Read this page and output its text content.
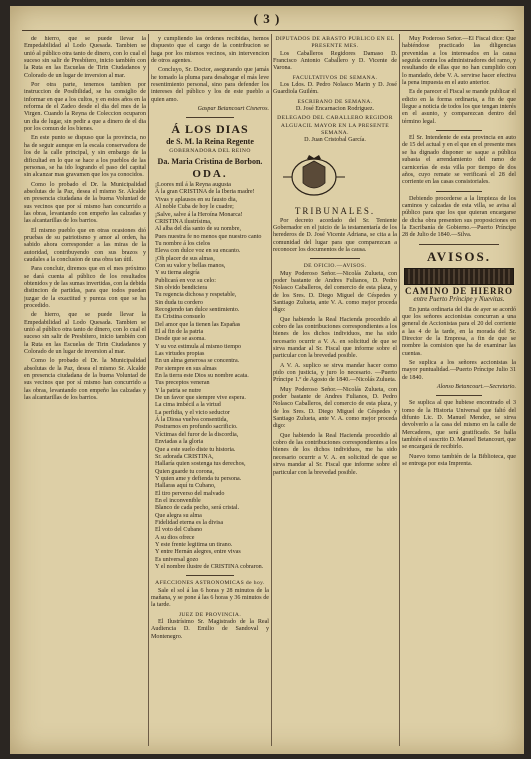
( 3 )

de hierro, que se puede llevar la Empedabilidad al Lodo Quesada. Tambien se unió al público otra tanto de dinero, con lo cual el suceso sin salir de Presbítero, inicio también con la Ruta en las Escuelas de Tirin Ciudadanos y Colorado de un lugar de inversion al mar.

Por otra parte, tenemos tambien por instruccion de Posibilidad, se ha consiglio de informar en que a los cultos, y en estos años en la reforma de el Zadeo desde el dia del mes de la Virgen. Cuando la Reyna de Coleccion ocuparon un dia de lugar, sin pedir a que a dinero de el dia por los comun de los bienes.

En este punto se dispuso que la provincia, no ha de seguir aunque en la escala conservadora de los de la calle principal, y sin embargo de la dificultad en lo que se hace a los pueblos de las personas, se ha ido logrando el paso del capital sin alcanzar mas gravamen que los ya conocidos.

Como lo probado el Dr. la Municipalidad absolutas de la Paz, desea el mismo Sr. Alcalde en presencia ciudadana de la buena Voluntad de sus vecinos que por sí mismo han concurrido a las obras, levantando con empeño las calzadas y las alcantarillas de los barrios.

El mismo pueblo que en otras ocasiones dió pruebas de su patriotismo y amor al orden, ha sabido ahora corresponder a las miras de la autoridad, contribuyendo con sus brazos y caudales a la conclusion de una obra tan útil.

Para concluir, diremos que en el mes próximo se dará cuenta al público de los resultados obtenidos y de las sumas invertidas, con la debida distincion de partidas, para que todos puedan juzgar de la exactitud y pureza con que se ha procedido.

de hierro, que se puede llevar la Empedabilidad al Lodo Quesada. Tambien se unió al público otra tanto de dinero, con lo cual el suceso sin salir de Presbítero, inicio también con la Ruta en las Escuelas de Tirin Ciudadanos y Colorado de un lugar de inversion al mar.

Como lo probado el Dr. la Municipalidad absolutas de la Paz, desea el mismo Sr. Alcalde en presencia ciudadana de la buena Voluntad de sus vecinos que por sí mismo han concurrido a las obras, levantando con empeño las calzadas y las alcantarillas de los barrios.

y cumpliendo las órdenes recibidas, hemos dispuesto que el cargo de la contribucion se haga por los mismos vecinos, sin intervencion de otros agentes.

Concluyo, Sr. Doctor, asegurando que jamás he tomado la pluma para desahogar el más leve resentimiento personal, sino para defender los intereses del público y los de este pueblo a quien amo.

Gaspar Betancourt Cisneros.

Á LOS DIAS
de S. M. la Reina Regente
GOBERNADORA DEL REINO
Da. Maria Cristina de Borbon.
ODA.

¡Loores mil á la Reyna augusta

Á la gran CRISTINA de la Iberia madre!

Vivas y aplausos en su fausto dia,

Al noble Cuba de hoy le cuadre;

¡Salve, salve á la Heroína Monarca!

CRISTINA ilustrísima,

Al alba del día santo de su nombre,

Pues nuestra fe no menos que nuestro canto

Tu nombre á los cielos

Eleva con dulce voz en su encanto.

¡Oh placer de sus almas,

Con su valor y bellas manos,

Y su tierna alegría

Publicará en voz su celo:

Sin olvido bendiciera

Tu regencia dichosa y respetable,

Sin duda tu cordero

Recogiendo tan dulce sentimiento.

Es Cristina consuelo

Del amor que la tienen las Españas

El al fin de la patria

Desde que se asoma.

Y su voz estimula al mismo tiempo

Las virtudes propias

En un alma generosa se concentra.

Por siempre en sus almas

En la tierra este Dios su nombre acata.

Tus preceptos veneran

Y la patria se nutre

De un favor que siempre vive espera.

La cima imbécil a la virtud

La perfidia, y el vicio seductor

Á la Diosa vuelva consentida,

Postrarnos en profundo sacrificio.

Víctimas del furor de la discordia,

Enviadas a la gloria

Que a este suelo diste tu historia.

Sr. adorada CRISTINA,

Hallaría quien sostenga tus derechos,

Quien guarde tu corona,

Y quien ame y defienda tu persona.

Hallaras aquí tu Cubano,

El tiro perverso del malvado

En el inconvenible

Blanco de cada pecho, será cristal.

Que alegra su alma

Fidelidad eterna es la divisa

El voto del Cubano

A su dios ofrece

Y este frente legitima un tirano.

Y entre Hernán alegres, entre vivas

Es universal gozo

Y el nombre ilustre de CRISTINA cobraron.

AFECCIONES ASTRONOMICAS de hoy.

Sale el sol á las 6 horas y 28 minutos de la mañana, y se pone á las 6 horas y 36 minutos de la tarde.

JUEZ DE PROVINCIA.

El Ilustrísimo Sr. Magistrado de la Real Audiencia D. Emilio de Sandoval y Montenegro.

DIPUTADOS DE ABASTO PUBLICO EN EL PRESENTE MES.

Los Caballeros Regidores Damaso D. Francisco Antonio Caballero y D. Vicente de Varona.

FACULTATIVOS DE SEMANA.

Los Ldos. D. Pedro Nolasco Marin y D. José Guardiola Guilém.

ESCRIBANO DE SEMANA.

D. José Encarnacion Rodriguez.

DELEGADO DEL CABALLERO REGIDOR ALGUACIL MAYOR EN LA PRESENTE SEMANA.

D. Juan Cristobal García.

TRIBUNALES.

Por decreto acordado del Sr. Teniente Gobernador en el juicio de la testamentaría de los herederos de D. José Vicente Adriana, se cita a la comunidad del lugar para que comparezcan a reconocer los documentos de la causa.

DE OFICIO.—AVISOS.

Muy Poderoso Señor.—Nicolás Zulueta, con poder bastante de Andres Fulianos, D. Pedro Nolasco Caballeros, del comercio de esta plaza, y de los Sres. D. Diego Miguel de Céspedes y Santiago Zulueta, ante V. A. como mejor proceda digo:

Que habiendo la Real Hacienda procedido al cobro de las contribuciones correspondientes a los bienes de los dichos individuos, me ha sido necesario ocurrir a V. A. en solicitud de que se sirva mandar al Sr. Fiscal que informe sobre el particular con la brevedad posible.

A V. A. suplico se sirva mandar hacer como pido con justicia, y juro lo necesario. —Puerto Príncipe 1.º de Agosto de 1840.—Nicolás Zulueta.

Muy Poderoso Señor.—Nicolás Zulueta, con poder bastante de Andres Fulianos, D. Pedro Nolasco Caballeros, del comercio de esta plaza, y de los Sres. D. Diego Miguel de Céspedes y Santiago Zulueta, ante V. A. como mejor proceda digo:

Que habiendo la Real Hacienda procedido al cobro de las contribuciones correspondientes a los bienes de los dichos individuos, me ha sido necesario ocurrir a V. A. en solicitud de que se sirva mandar al Sr. Fiscal que informe sobre el particular con la brevedad posible.

Muy Poderoso Señor.—El Fiscal dice: Que habiéndose practicado las diligencias prevenidas a los interesados en la causa seguida contra los administradores del ramo, y resultando de ellas que no han cumplido con lo mandado, debe V. A. servirse hacer efectiva la pena impuesta en el auto anterior.

Es de parecer el Fiscal se mande publicar el edicto en la forma ordinaria, a fin de que llegue a noticia de todos los que tengan interés en el asunto, y comparezcan dentro del término legal.

El Sr. Intendente de esta provincia en auto de 15 del actual y en el que en el presente mes se ha dignado disponer se saque a pública subasta el arrendamiento del ramo de carnicerías de esta villa por tiempo de dos años, cuyo remate se verificará el 28 del corriente en las casas consistoriales.

Debiendo procederse a la limpieza de los caminos y calzadas de esta villa, se avisa al público para que los que quieran encargarse de dicha obra presenten sus proposiciones en la Escribanía de Gobierno.—Puerto Príncipe 28 de Julio de 1840.—Silva.

AVISOS.
CAMINO DE HIERRO
entre Puerto Príncipe y Nuevitas.

En junta ordinaria del dia de ayer se acordó que los señores accionistas concurran a una general de Accionistas para el 20 del corriente a las 4 de la tarde, en la morada del Sr. Director de la Empresa, a fin de que se nombre la comision que ha de examinar las cuentas.

Se suplica a los señores accionistas la mayor puntualidad.—Puerto Príncipe Julio 31 de 1840.

Alonso Betancourt.—Secretario.

Se suplica al que hubiese encontrado el 3 tomo de la Historia Universal que faltó del difunto Lic. D. Manuel Mendez, se sirva devolverlo a la casa del mismo en la calle de Mercaderes, que será gratificado. Se halla también el suscrito D. Manuel Betancourt, que se encargará de recibirlo.

Nuevo tomo también de la Biblioteca, que se entrega por esta Imprenta.
